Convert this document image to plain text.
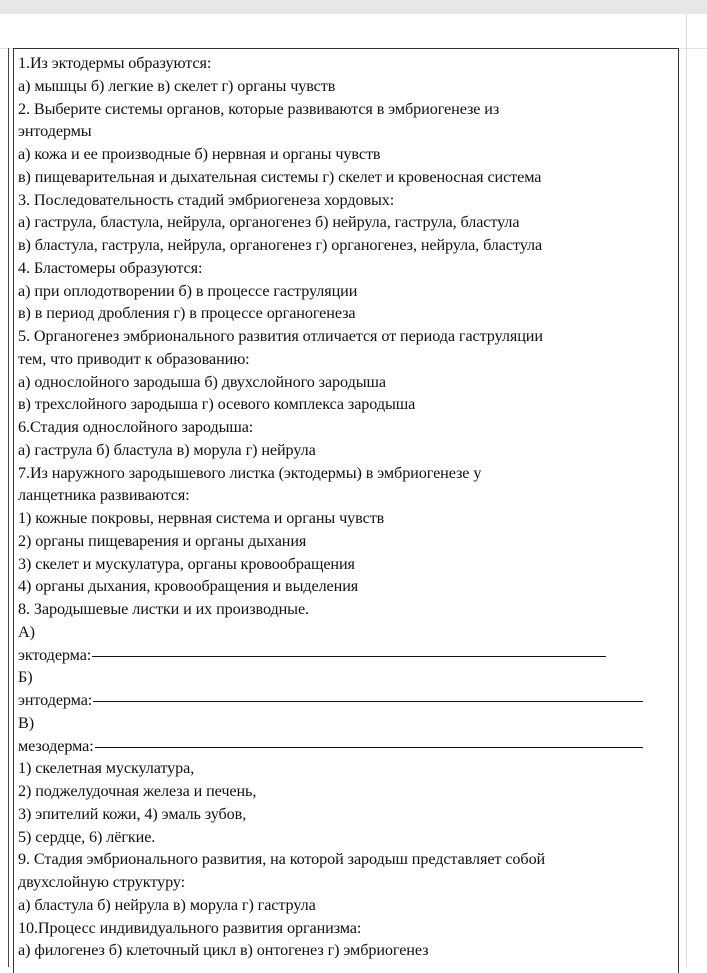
1.Из эктодермы образуются:
а) мышцы б) легкие в) скелет г) органы чувств
2. Выберите системы органов, которые развиваются в эмбриогенезе из
энтодермы
а) кожа и ее производные б) нервная и органы чувств
в) пищеварительная и дыхательная системы г) скелет и кровеносная система
3. Последовательность стадий эмбриогенеза хордовых:
а) гаструла, бластула, нейрула, органогенез б) нейрула, гаструла, бластула
в) бластула, гаструла, нейрула, органогенез г) органогенез, нейрула, бластула
4. Бластомеры образуются:
а) при оплодотворении б) в процессе гаструляции
в) в период дробления г) в процессе органогенеза
5. Органогенез эмбрионального развития отличается от периода гаструляции
тем, что приводит к образованию:
а) однослойного зародыша б) двухслойного зародыша
в) трехслойного зародыша г) осевого комплекса зародыша
6.Стадия однослойного зародыша:
а) гаструла б) бластула в) морула г) нейрула
7.Из наружного зародышевого листка (эктодермы) в эмбриогенезе у
ланцетника развиваются:
1) кожные покровы, нервная система и органы чувств
2) органы пищеварения и органы дыхания
3) скелет и мускулатура, органы кровообращения
4) органы дыхания, кровообращения и выделения
8. Зародышевые листки и их производные.
А)
эктодерма:
Б)
энтодерма:
В)
мезодерма:
1) скелетная мускулатура,
2) поджелудочная железа и печень,
3) эпителий кожи, 4) эмаль зубов,
5) сердце, 6) лёгкие.
9. Стадия эмбрионального развития, на которой зародыш представляет собой
двухслойную структуру:
а) бластула б) нейрула в) морула г) гаструла
10.Процесс индивидуального развития организма:
а) филогенез б) клеточный цикл в) онтогенез г) эмбриогенез
